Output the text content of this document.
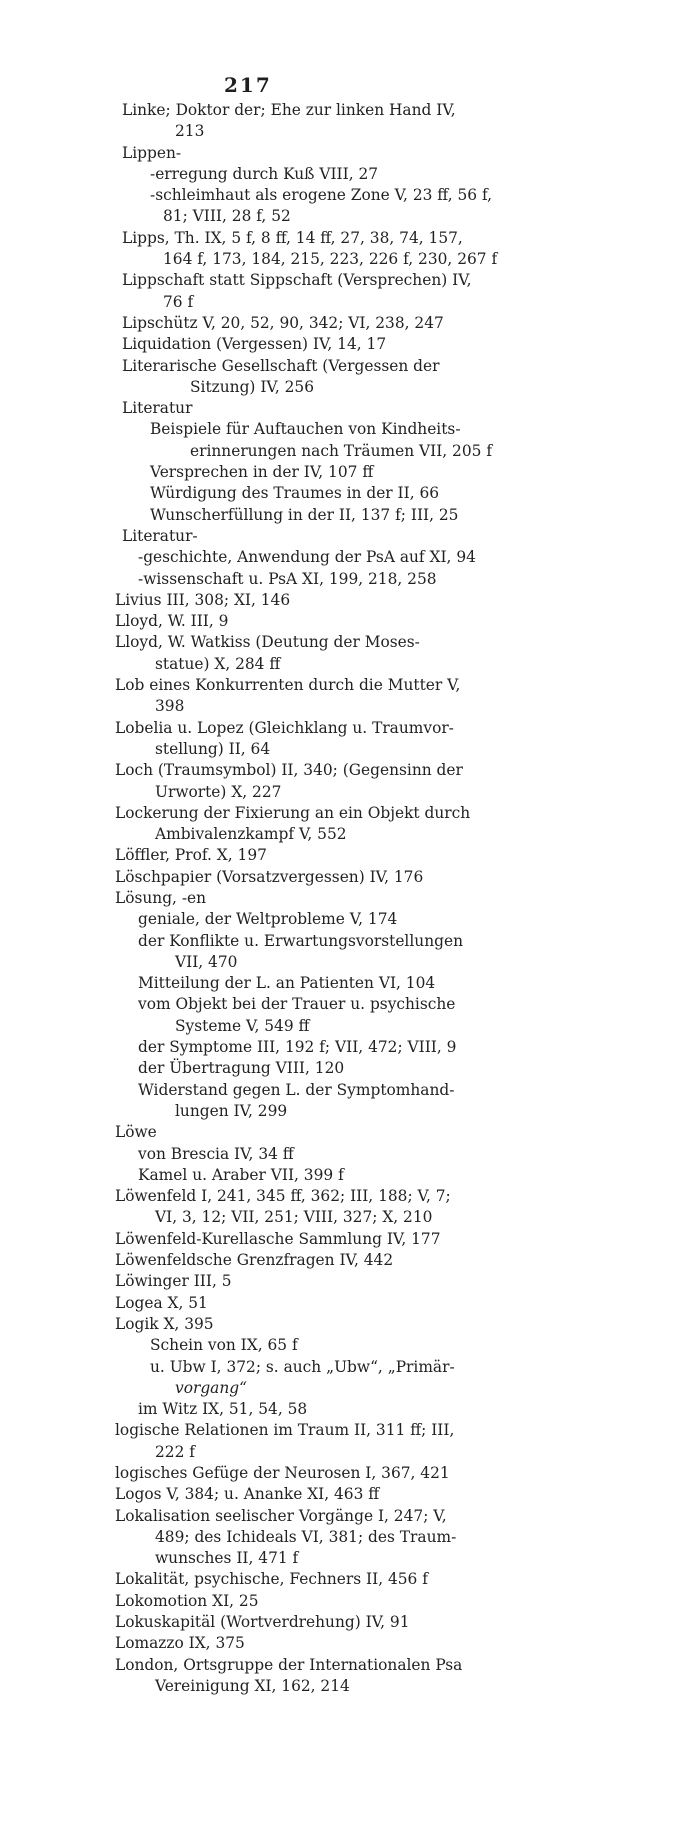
217
Linke; Doktor der; Ehe zur linken Hand IV,
213
Lippen-
-erregung durch Kuß VIII, 27
-schleimhaut als erogene Zone V, 23 ff, 56 f,
81; VIII, 28 f, 52
Lipps, Th. IX, 5 f, 8 ff, 14 ff, 27, 38, 74, 157,
164 f, 173, 184, 215, 223, 226 f, 230, 267 f
Lippschaft statt Sippschaft (Versprechen) IV,
76 f
Lipschütz V, 20, 52, 90, 342; VI, 238, 247
Liquidation (Vergessen) IV, 14, 17
Literarische Gesellschaft (Vergessen der
Sitzung) IV, 256
Literatur
Beispiele für Auftauchen von Kindheits-
erinnerungen nach Träumen VII, 205 f
Versprechen in der IV, 107 ff
Würdigung des Traumes in der II, 66
Wunscherfüllung in der II, 137 f; III, 25
Literatur-
-geschichte, Anwendung der PsA auf XI, 94
-wissenschaft u. PsA XI, 199, 218, 258
Livius III, 308; XI, 146
Lloyd, W. III, 9
Lloyd, W. Watkiss (Deutung der Moses-
statue) X, 284 ff
Lob eines Konkurrenten durch die Mutter V,
398
Lobelia u. Lopez (Gleichklang u. Traumvor-
stellung) II, 64
Loch (Traumsymbol) II, 340; (Gegensinn der
Urworte) X, 227
Lockerung der Fixierung an ein Objekt durch
Ambivalenzkampf V, 552
Löffler, Prof. X, 197
Löschpapier (Vorsatzvergessen) IV, 176
Lösung, -en
geniale, der Weltprobleme V, 174
der Konflikte u. Erwartungsvorstellungen
VII, 470
Mitteilung der L. an Patienten VI, 104
vom Objekt bei der Trauer u. psychische
Systeme V, 549 ff
der Symptome III, 192 f; VII, 472; VIII, 9
der Übertragung VIII, 120
Widerstand gegen L. der Symptomhand-
lungen IV, 299
Löwe
von Brescia IV, 34 ff
Kamel u. Araber VII, 399 f
Löwenfeld I, 241, 345 ff, 362; III, 188; V, 7;
VI, 3, 12; VII, 251; VIII, 327; X, 210
Löwenfeld-Kurellasche Sammlung IV, 177
Löwenfeldsche Grenzfragen IV, 442
Löwinger III, 5
Logea X, 51
Logik X, 395
Schein von IX, 65 f
u. Ubw I, 372; s. auch „Ubw“, „Primär-
vorgang“
im Witz IX, 51, 54, 58
logische Relationen im Traum II, 311 ff; III,
222 f
logisches Gefüge der Neurosen I, 367, 421
Logos V, 384; u. Ananke XI, 463 ff
Lokalisation seelischer Vorgänge I, 247; V,
489; des Ichideals VI, 381; des Traum-
wunsches II, 471 f
Lokalität, psychische, Fechners II, 456 f
Lokomotion XI, 25
Lokuskapitäl (Wortverdrehung) IV, 91
Lomazzo IX, 375
London, Ortsgruppe der Internationalen Psa
Vereinigung XI, 162, 214
